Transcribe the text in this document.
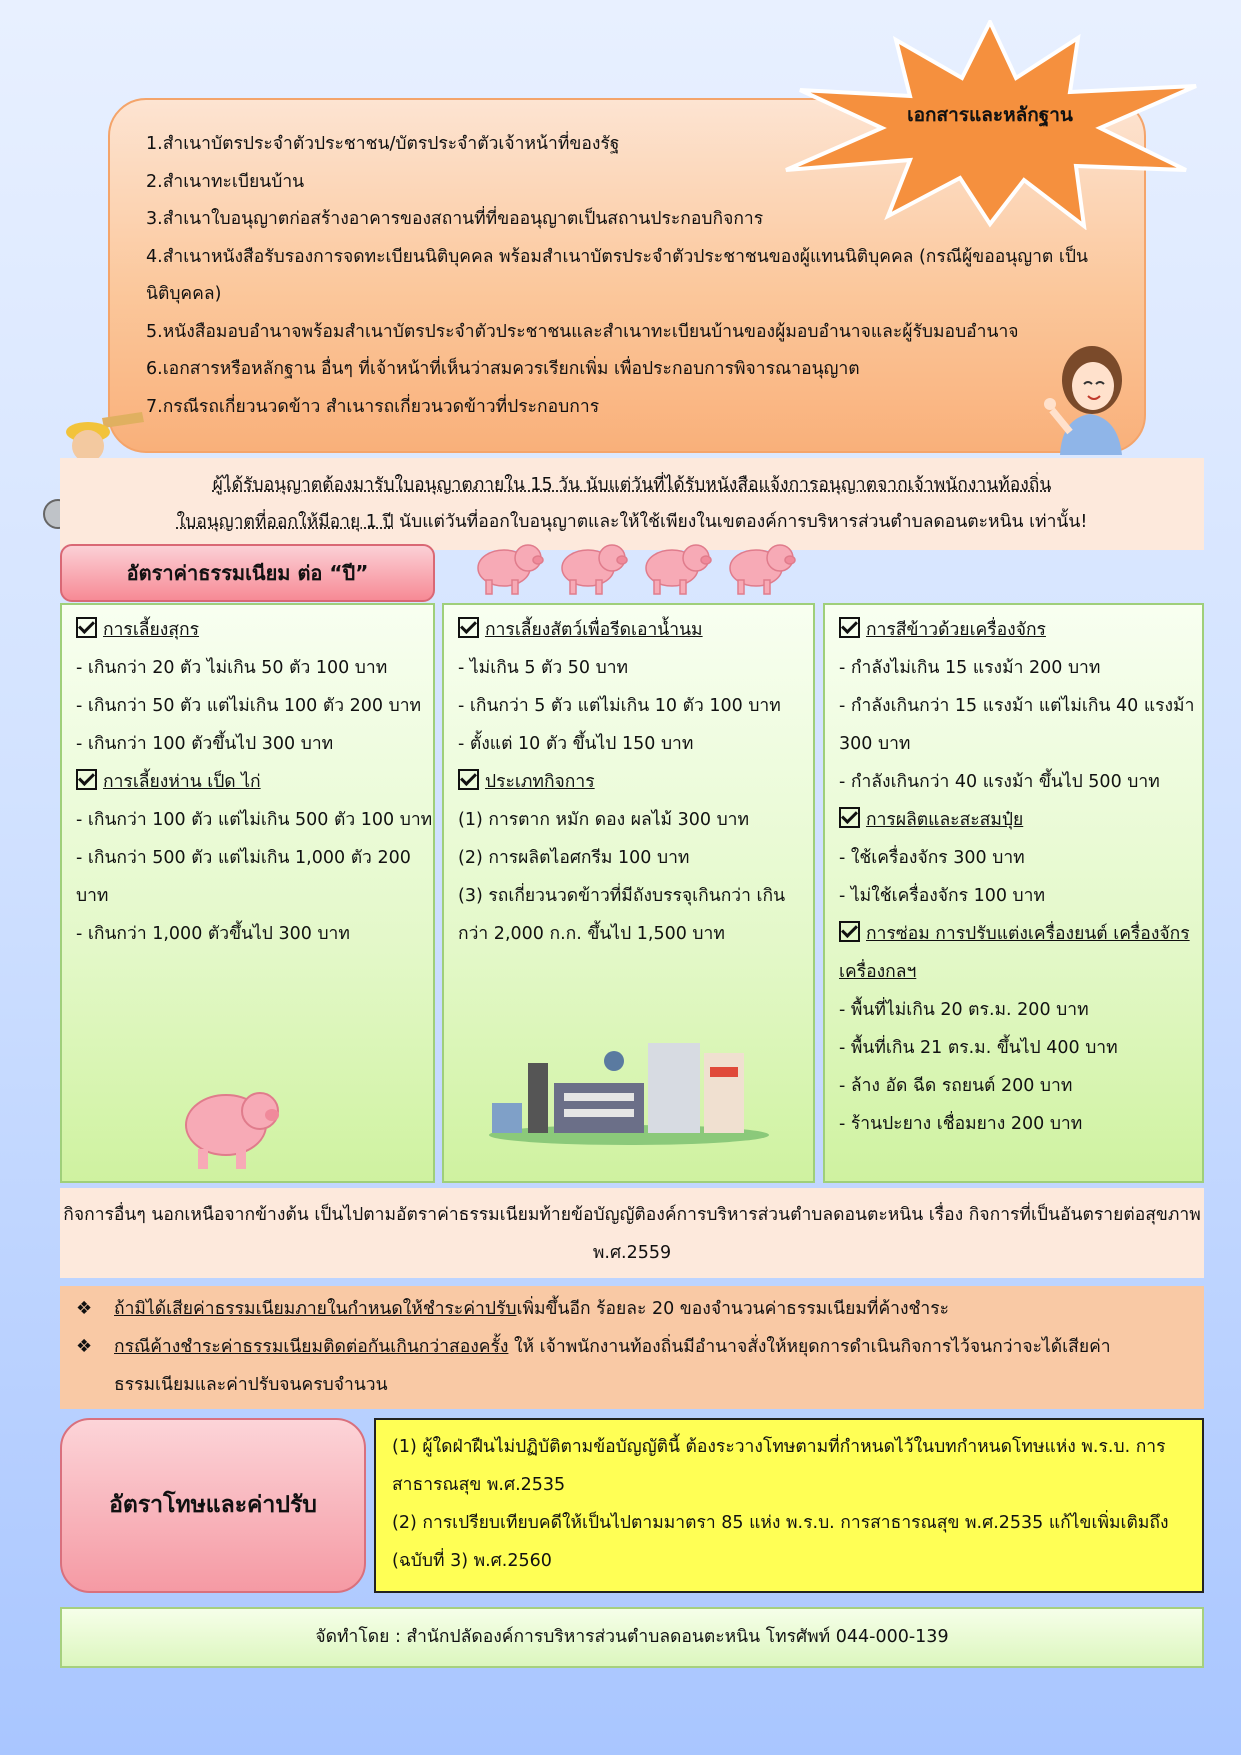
1.สำเนาบัตรประจำตัวประชาชน/บัตรประจำตัวเจ้าหน้าที่ของรัฐ

2.สำเนาทะเบียนบ้าน

3.สำเนาใบอนุญาตก่อสร้างอาคารของสถานที่ที่ขออนุญาตเป็นสถานประกอบกิจการ

4.สำเนาหนังสือรับรองการจดทะเบียนนิติบุคคล พร้อมสำเนาบัตรประจำตัวประชาชนของผู้แทนนิติบุคคล (กรณีผู้ขออนุญาต เป็น นิติบุคคล)

5.หนังสือมอบอำนาจพร้อมสำเนาบัตรประจำตัวประชาชนและสำเนาทะเบียนบ้านของผู้มอบอำนาจและผู้รับมอบอำนาจ

6.เอกสารหรือหลักฐาน อื่นๆ ที่เจ้าหน้าที่เห็นว่าสมควรเรียกเพิ่ม เพื่อประกอบการพิจารณาอนุญาต

7.กรณีรถเกี่ยวนวดข้าว สำเนารถเกี่ยวนวดข้าวที่ประกอบการ

เอกสารและหลักฐาน
ผู้ได้รับอนุญาตต้องมารับใบอนุญาตภายใน 15 วัน นับแต่วันที่ได้รับหนังสือแจ้งการอนุญาตจากเจ้าพนักงานท้องถิ่น
ใบอนุญาตที่ออกให้มีอายุ 1 ปี นับแต่วันที่ออกใบอนุญาตและให้ใช้เพียงในเขตองค์การบริหารส่วนตำบลดอนตะหนิน เท่านั้น!
อัตราค่าธรรมเนียม ต่อ “ปี”

การเลี้ยงสุกร

- เกินกว่า 20 ตัว ไม่เกิน 50 ตัว 100 บาท

- เกินกว่า 50 ตัว แต่ไม่เกิน 100 ตัว 200 บาท

- เกินกว่า 100 ตัวขึ้นไป 300 บาท

การเลี้ยงห่าน เป็ด ไก่

- เกินกว่า 100 ตัว แต่ไม่เกิน 500 ตัว 100 บาท

- เกินกว่า 500 ตัว แต่ไม่เกิน 1,000 ตัว 200 บาท

- เกินกว่า 1,000 ตัวขึ้นไป 300 บาท

การเลี้ยงสัตว์เพื่อรีดเอาน้ำนม

- ไม่เกิน 5 ตัว 50 บาท

- เกินกว่า 5 ตัว แต่ไม่เกิน 10 ตัว 100 บาท

- ตั้งแต่ 10 ตัว ขึ้นไป 150 บาท

ประเภทกิจการ

(1) การตาก หมัก ดอง ผลไม้ 300 บาท

(2) การผลิตไอศกรีม 100 บาท

(3) รถเกี่ยวนวดข้าวที่มีถังบรรจุเกินกว่า เกินกว่า 2,000 ก.ก. ขึ้นไป 1,500 บาท

การสีข้าวด้วยเครื่องจักร

- กำลังไม่เกิน 15 แรงม้า 200 บาท

- กำลังเกินกว่า 15 แรงม้า แต่ไม่เกิน 40 แรงม้า 300 บาท

- กำลังเกินกว่า 40 แรงม้า ขึ้นไป 500 บาท

การผลิตและสะสมปุ๋ย

- ใช้เครื่องจักร 300 บาท

- ไม่ใช้เครื่องจักร 100 บาท

การซ่อม การปรับแต่งเครื่องยนต์ เครื่องจักร เครื่องกลฯ

- พื้นที่ไม่เกิน 20 ตร.ม. 200 บาท

- พื้นที่เกิน 21 ตร.ม. ขึ้นไป 400 บาท

- ล้าง อัด ฉีด รถยนต์ 200 บาท

- ร้านปะยาง เชื่อมยาง 200 บาท

กิจการอื่นๆ นอกเหนือจากข้างต้น เป็นไปตามอัตราค่าธรรมเนียมท้ายข้อบัญญัติองค์การบริหารส่วนตำบลดอนตะหนิน เรื่อง กิจการที่เป็นอันตรายต่อสุขภาพ พ.ศ.2559
❖ ถ้ามิได้เสียค่าธรรมเนียมภายในกำหนดให้ชำระค่าปรับเพิ่มขึ้นอีก ร้อยละ 20 ของจำนวนค่าธรรมเนียมที่ค้างชำระ
❖ กรณีค้างชำระค่าธรรมเนียมติดต่อกันเกินกว่าสองครั้ง ให้ เจ้าพนักงานท้องถิ่นมีอำนาจสั่งให้หยุดการดำเนินกิจการไว้จนกว่าจะได้เสียค่าธรรมเนียมและค่าปรับจนครบจำนวน
อัตราโทษและค่าปรับ
(1) ผู้ใดฝ่าฝืนไม่ปฏิบัติตามข้อบัญญัตินี้ ต้องระวางโทษตามที่กำหนดไว้ในบทกำหนดโทษแห่ง พ.ร.บ. การสาธารณสุข พ.ศ.2535
(2) การเปรียบเทียบคดีให้เป็นไปตามมาตรา 85 แห่ง พ.ร.บ. การสาธารณสุข พ.ศ.2535 แก้ไขเพิ่มเติมถึง (ฉบับที่ 3) พ.ศ.2560
จัดทำโดย : สำนักปลัดองค์การบริหารส่วนตำบลดอนตะหนิน โทรศัพท์ 044-000-139
